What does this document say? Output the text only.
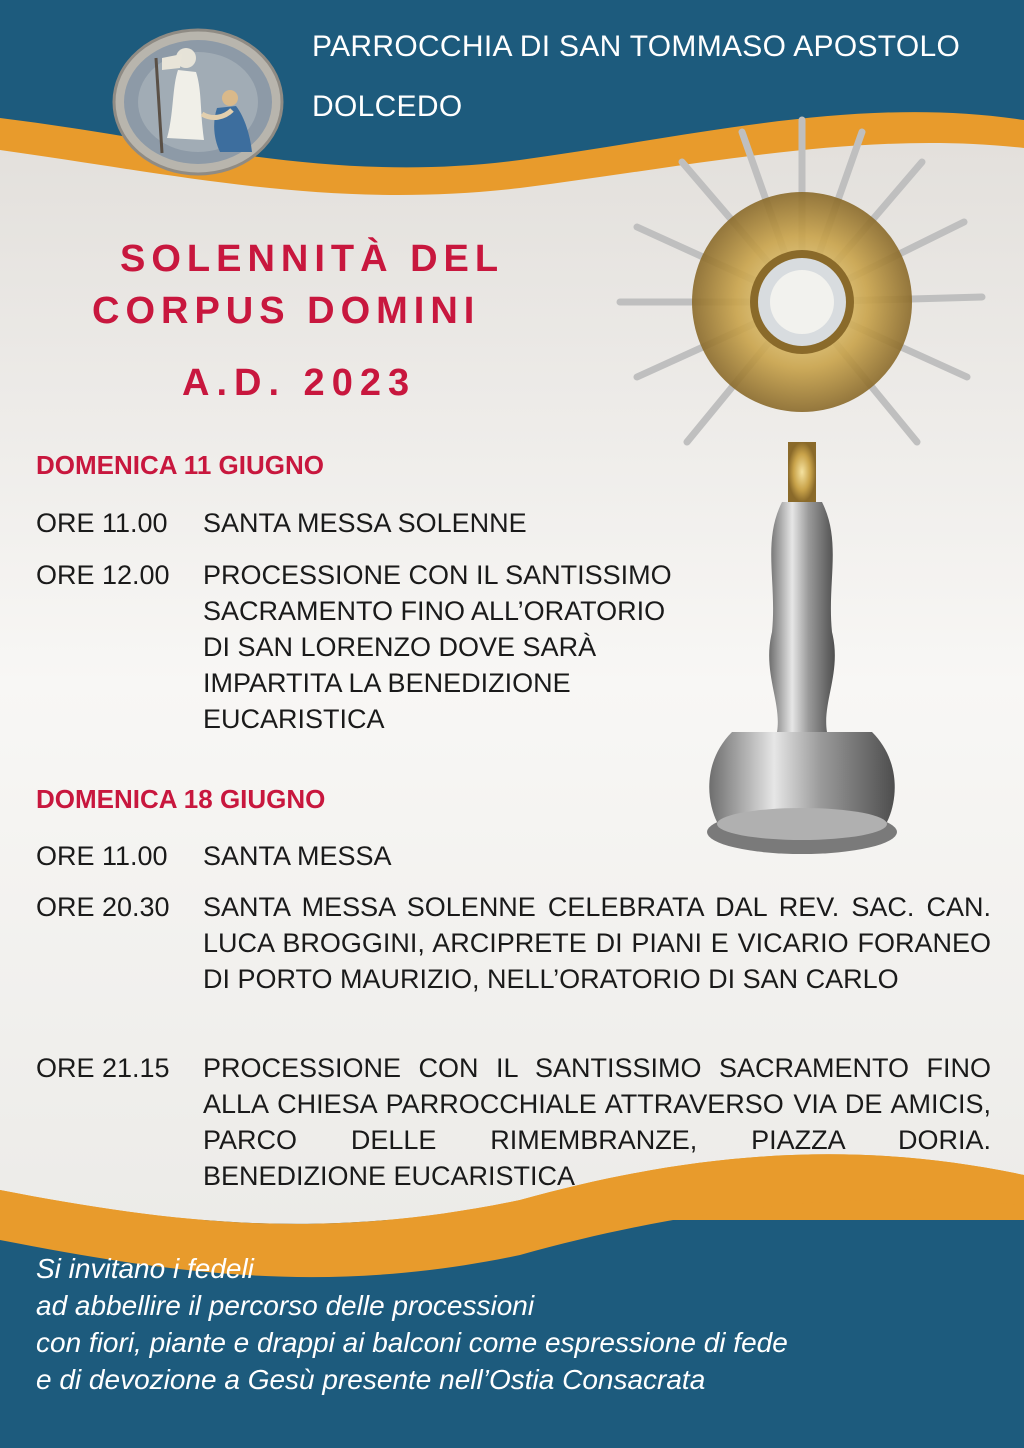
PARROCCHIA DI SAN TOMMASO APOSTOLO

DOLCEDO

SOLENNITÀ DEL
CORPUS DOMINI
A.D. 2023
DOMENICA 11 GIUGNO
ORE 11.00 SANTA MESSA SOLENNE
ORE 12.00 PROCESSIONE CON IL SANTISSIMO
SACRAMENTO FINO ALL’ORATORIO
DI SAN LORENZO DOVE SARÀ
IMPARTITA LA BENEDIZIONE
EUCARISTICA
DOMENICA 18 GIUGNO
ORE 11.00 SANTA MESSA
ORE 20.30 SANTA MESSA SOLENNE CELEBRATA DAL REV. SAC. CAN. LUCA BROGGINI, ARCIPRETE DI PIANI E VICARIO FORANEO DI PORTO MAURIZIO, NELL’ORATORIO DI SAN CARLO
ORE 21.15 PROCESSIONE CON IL SANTISSIMO SACRAMENTO FINO ALLA CHIESA PARROCCHIALE ATTRAVERSO VIA DE AMICIS, PARCO DELLE RIMEMBRANZE, PIAZZA DORIA. BENEDIZIONE EUCARISTICA
Si invitano i fedeli
ad abbellire il percorso delle processioni
con fiori, piante e drappi ai balconi come espressione di fede
e di devozione a Gesù presente nell’Ostia Consacrata
